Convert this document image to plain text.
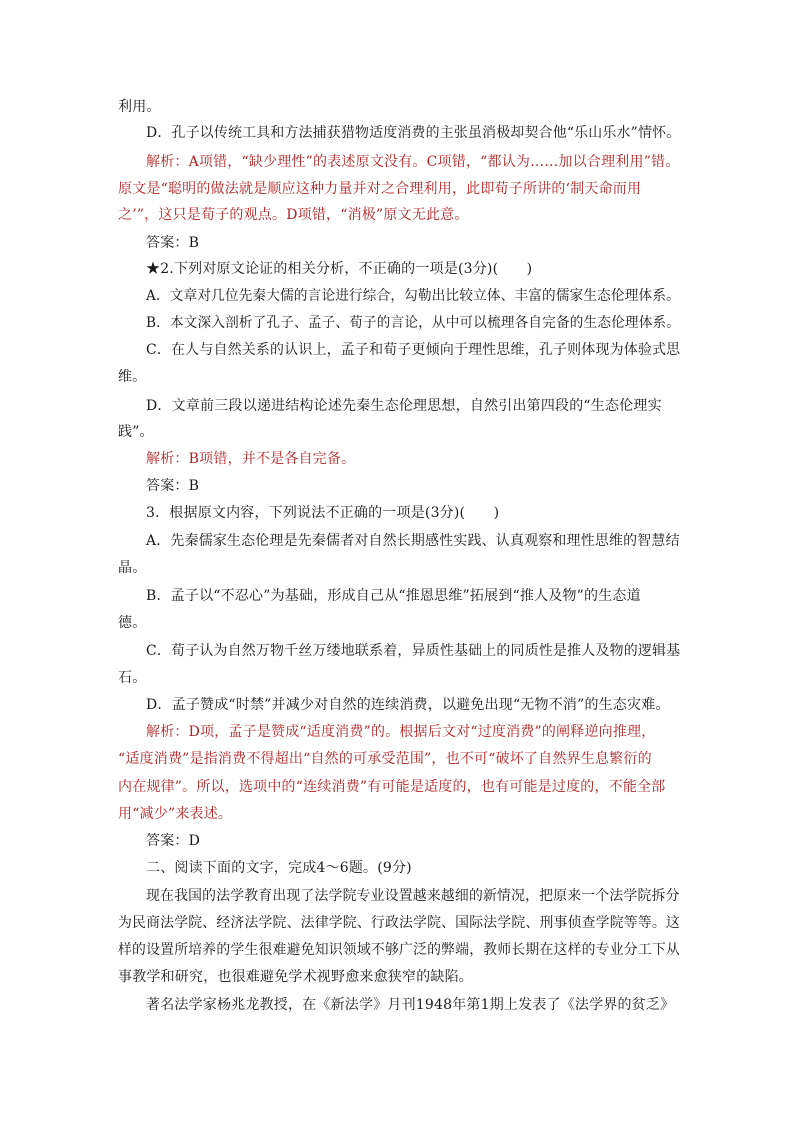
利用。
D．孔子以传统工具和方法捕获猎物适度消费的主张虽消极却契合他“乐山乐水”情怀。
解析：A项错，“缺少理性”的表述原文没有。C项错，“都认为……加以合理利用”错。
原文是“聪明的做法就是顺应这种力量并对之合理利用，此即荀子所讲的‘制天命而用
之’”，这只是荀子的观点。D项错，“消极”原文无此意。
答案：B
★2.下列对原文论证的相关分析，不正确的一项是(3分)(　　)
A．文章对几位先秦大儒的言论进行综合，勾勒出比较立体、丰富的儒家生态伦理体系。
B．本文深入剖析了孔子、孟子、荀子的言论，从中可以梳理各自完备的生态伦理体系。
C．在人与自然关系的认识上，孟子和荀子更倾向于理性思维，孔子则体现为体验式思
维。
D．文章前三段以递进结构论述先秦生态伦理思想，自然引出第四段的“生态伦理实
践”。
解析：B项错，并不是各自完备。
答案：B
3．根据原文内容，下列说法不正确的一项是(3分)(　　)
A．先秦儒家生态伦理是先秦儒者对自然长期感性实践、认真观察和理性思维的智慧结
晶。
B．孟子以“不忍心”为基础，形成自己从“推恩思维”拓展到“推人及物”的生态道
德。
C．荀子认为自然万物千丝万缕地联系着，异质性基础上的同质性是推人及物的逻辑基
石。
D．孟子赞成“时禁”并减少对自然的连续消费，以避免出现“无物不消”的生态灾难。
解析：D项，孟子是赞成“适度消费”的。根据后文对“过度消费”的阐释逆向推理，
“适度消费”是指消费不得超出“自然的可承受范围”，也不可“破坏了自然界生息繁衍的
内在规律”。所以，选项中的“连续消费”有可能是适度的，也有可能是过度的，不能全部
用“减少”来表述。
答案：D
二、阅读下面的文字，完成4～6题。(9分)
现在我国的法学教育出现了法学院专业设置越来越细的新情况，把原来一个法学院拆分
为民商法学院、经济法学院、法律学院、行政法学院、国际法学院、刑事侦查学院等等。这
样的设置所培养的学生很难避免知识领域不够广泛的弊端，教师长期在这样的专业分工下从
事教学和研究，也很难避免学术视野愈来愈狭窄的缺陷。
著名法学家杨兆龙教授，在《新法学》月刊1948年第1期上发表了《法学界的贫乏》
